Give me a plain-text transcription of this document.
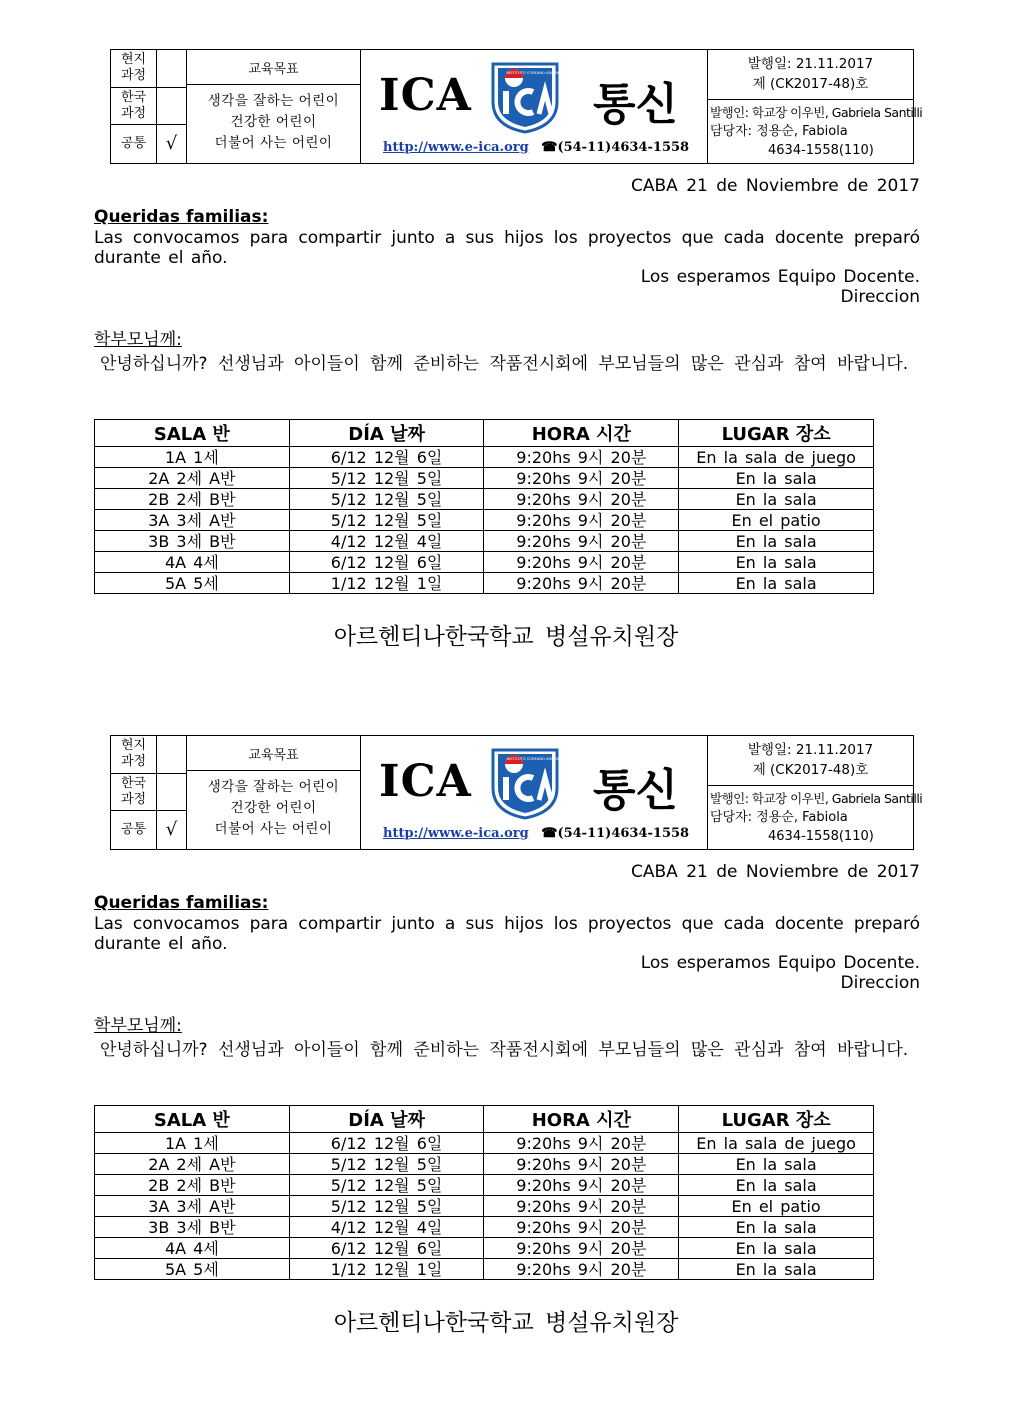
현지
과정
한국
과정
공통	√
교육목표
생각을 잘하는 어린이
건강한 어린이
더불어 사는 어린이
ICA	INSTITUTO COREANO ARGENTINO
통신
http://www.e-ica.org ☎(54-11)4634-1558
발행일: 21.11.2017
제 (CK2017-48)호
발행인: 학교장 이우빈, Gabriela Santilli
담당자: 정용순, Fabiola
4634-1558(110)
CABA 21 de Noviembre de 2017
Queridas familias:
Las convocamos para compartir junto a sus hijos los proyectos que cada docente preparó durante el año.
Los esperamos Equipo Docente.
Direccion
학부모님께:
안녕하십니까? 선생님과 아이들이 함께 준비하는 작품전시회에 부모님들의 많은 관심과 참여 바랍니다.
SALA 반	DÍA 날짜	HORA 시간	LUGAR 장소
1A 1세	6/12 12월 6일	9:20hs 9시 20분	En la sala de juego
2A 2세 A반	5/12 12월 5일	9:20hs 9시 20분	En la sala
2B 2세 B반	5/12 12월 5일	9:20hs 9시 20분	En la sala
3A 3세 A반	5/12 12월 5일	9:20hs 9시 20분	En el patio
3B 3세 B반	4/12 12월 4일	9:20hs 9시 20분	En la sala
4A 4세	6/12 12월 6일	9:20hs 9시 20분	En la sala
5A 5세	1/12 12월 1일	9:20hs 9시 20분	En la sala
아르헨티나한국학교 병설유치원장
현지
과정
한국
과정
공통	√
교육목표
생각을 잘하는 어린이
건강한 어린이
더불어 사는 어린이
ICA	INSTITUTO COREANO ARGENTINO
통신
http://www.e-ica.org ☎(54-11)4634-1558
발행일: 21.11.2017
제 (CK2017-48)호
발행인: 학교장 이우빈, Gabriela Santilli
담당자: 정용순, Fabiola
4634-1558(110)
CABA 21 de Noviembre de 2017
Queridas familias:
Las convocamos para compartir junto a sus hijos los proyectos que cada docente preparó durante el año.
Los esperamos Equipo Docente.
Direccion
학부모님께:
안녕하십니까? 선생님과 아이들이 함께 준비하는 작품전시회에 부모님들의 많은 관심과 참여 바랍니다.
SALA 반	DÍA 날짜	HORA 시간	LUGAR 장소
1A 1세	6/12 12월 6일	9:20hs 9시 20분	En la sala de juego
2A 2세 A반	5/12 12월 5일	9:20hs 9시 20분	En la sala
2B 2세 B반	5/12 12월 5일	9:20hs 9시 20분	En la sala
3A 3세 A반	5/12 12월 5일	9:20hs 9시 20분	En el patio
3B 3세 B반	4/12 12월 4일	9:20hs 9시 20분	En la sala
4A 4세	6/12 12월 6일	9:20hs 9시 20분	En la sala
5A 5세	1/12 12월 1일	9:20hs 9시 20분	En la sala
아르헨티나한국학교 병설유치원장
